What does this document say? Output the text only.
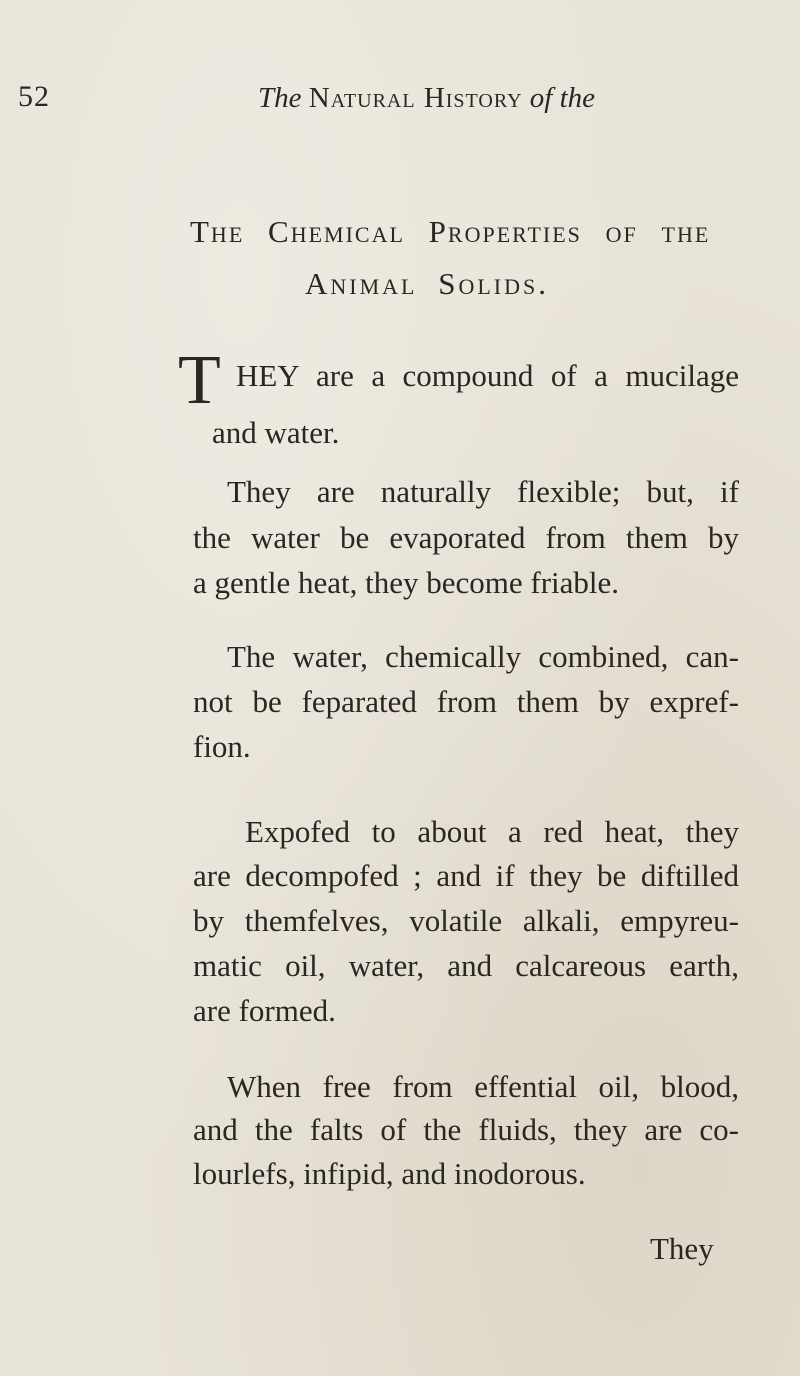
52	The Natural History of the
The Chemical Properties of the
Animal Solids.
T HEY are a compound of a mucilage
and water.
They are naturally flexible; but, if
the water be evaporated from them by
a gentle heat, they become friable.
The water, chemically combined, can-
not be feparated from them by expref-
fion.
Expofed to about a red heat, they
are decompofed ; and if they be diftilled
by themfelves, volatile alkali, empyreu-
matic oil, water, and calcareous earth,
are formed.
When free from effential oil, blood,
and the falts of the fluids, they are co-
lourlefs, infipid, and inodorous.
They
